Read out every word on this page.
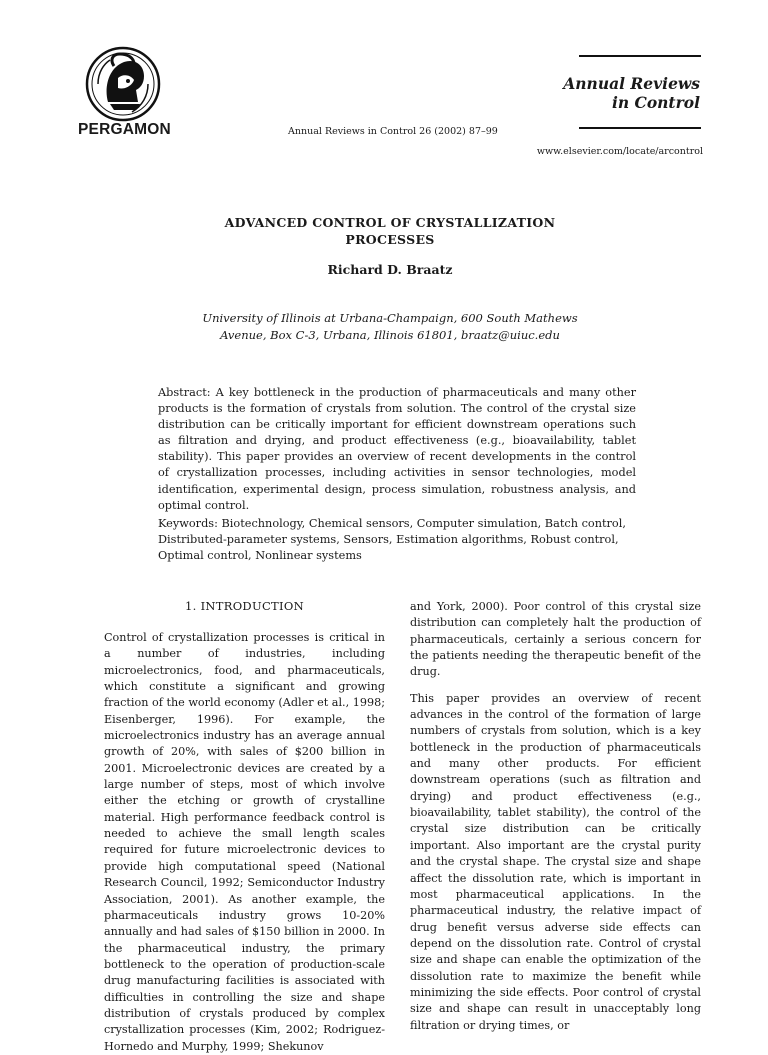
PERGAMON	Annual Reviews in Control 26 (2002) 87–99
Annual Reviews
in Control
www.elsevier.com/locate/arcontrol
ADVANCED CONTROL OF CRYSTALLIZATION
PROCESSES
Richard D. Braatz
University of Illinois at Urbana-Champaign, 600 South Mathews
Avenue, Box C-3, Urbana, Illinois 61801, braatz@uiuc.edu
Abstract: A key bottleneck in the production of pharmaceuticals and many other products is the formation of crystals from solution. The control of the crystal size distribution can be critically important for efficient downstream operations such as filtration and drying, and product effectiveness (e.g., bioavailability, tablet stability). This paper provides an overview of recent developments in the control of crystallization processes, including activities in sensor technologies, model identification, experimental design, process simulation, robustness analysis, and optimal control.
Keywords: Biotechnology, Chemical sensors, Computer simulation, Batch control, Distributed-parameter systems, Sensors, Estimation algorithms, Robust control, Optimal control, Nonlinear systems
1. INTRODUCTION

Control of crystallization processes is critical in a number of industries, including microelectronics, food, and pharmaceuticals, which constitute a significant and growing fraction of the world economy (Adler et al., 1998; Eisenberger, 1996). For example, the microelectronics industry has an average annual growth of 20%, with sales of $200 billion in 2001. Microelectronic devices are created by a large number of steps, most of which involve either the etching or growth of crystalline material. High performance feedback control is needed to achieve the small length scales required for future microelectronic devices to provide high computational speed (National Research Council, 1992; Semiconductor Industry Association, 2001). As another example, the pharmaceuticals industry grows 10-20% annually and had sales of $150 billion in 2000. In the pharmaceutical industry, the primary bottleneck to the operation of production-scale drug manufacturing facilities is associated with difficulties in controlling the size and shape distribution of crystals produced by complex crystallization processes (Kim, 2002; Rodriguez-Hornedo and Murphy, 1999; Shekunov

and York, 2000). Poor control of this crystal size distribution can completely halt the production of pharmaceuticals, certainly a serious concern for the patients needing the therapeutic benefit of the drug.

This paper provides an overview of recent advances in the control of the formation of large numbers of crystals from solution, which is a key bottleneck in the production of pharmaceuticals and many other products. For efficient downstream operations (such as filtration and drying) and product effectiveness (e.g., bioavailability, tablet stability), the control of the crystal size distribution can be critically important. Also important are the crystal purity and the crystal shape. The crystal size and shape affect the dissolution rate, which is important in most pharmaceutical applications. In the pharmaceutical industry, the relative impact of drug benefit versus adverse side effects can depend on the dissolution rate. Control of crystal size and shape can enable the optimization of the dissolution rate to maximize the benefit while minimizing the side effects. Poor control of crystal size and shape can result in unacceptably long filtration or drying times, or
